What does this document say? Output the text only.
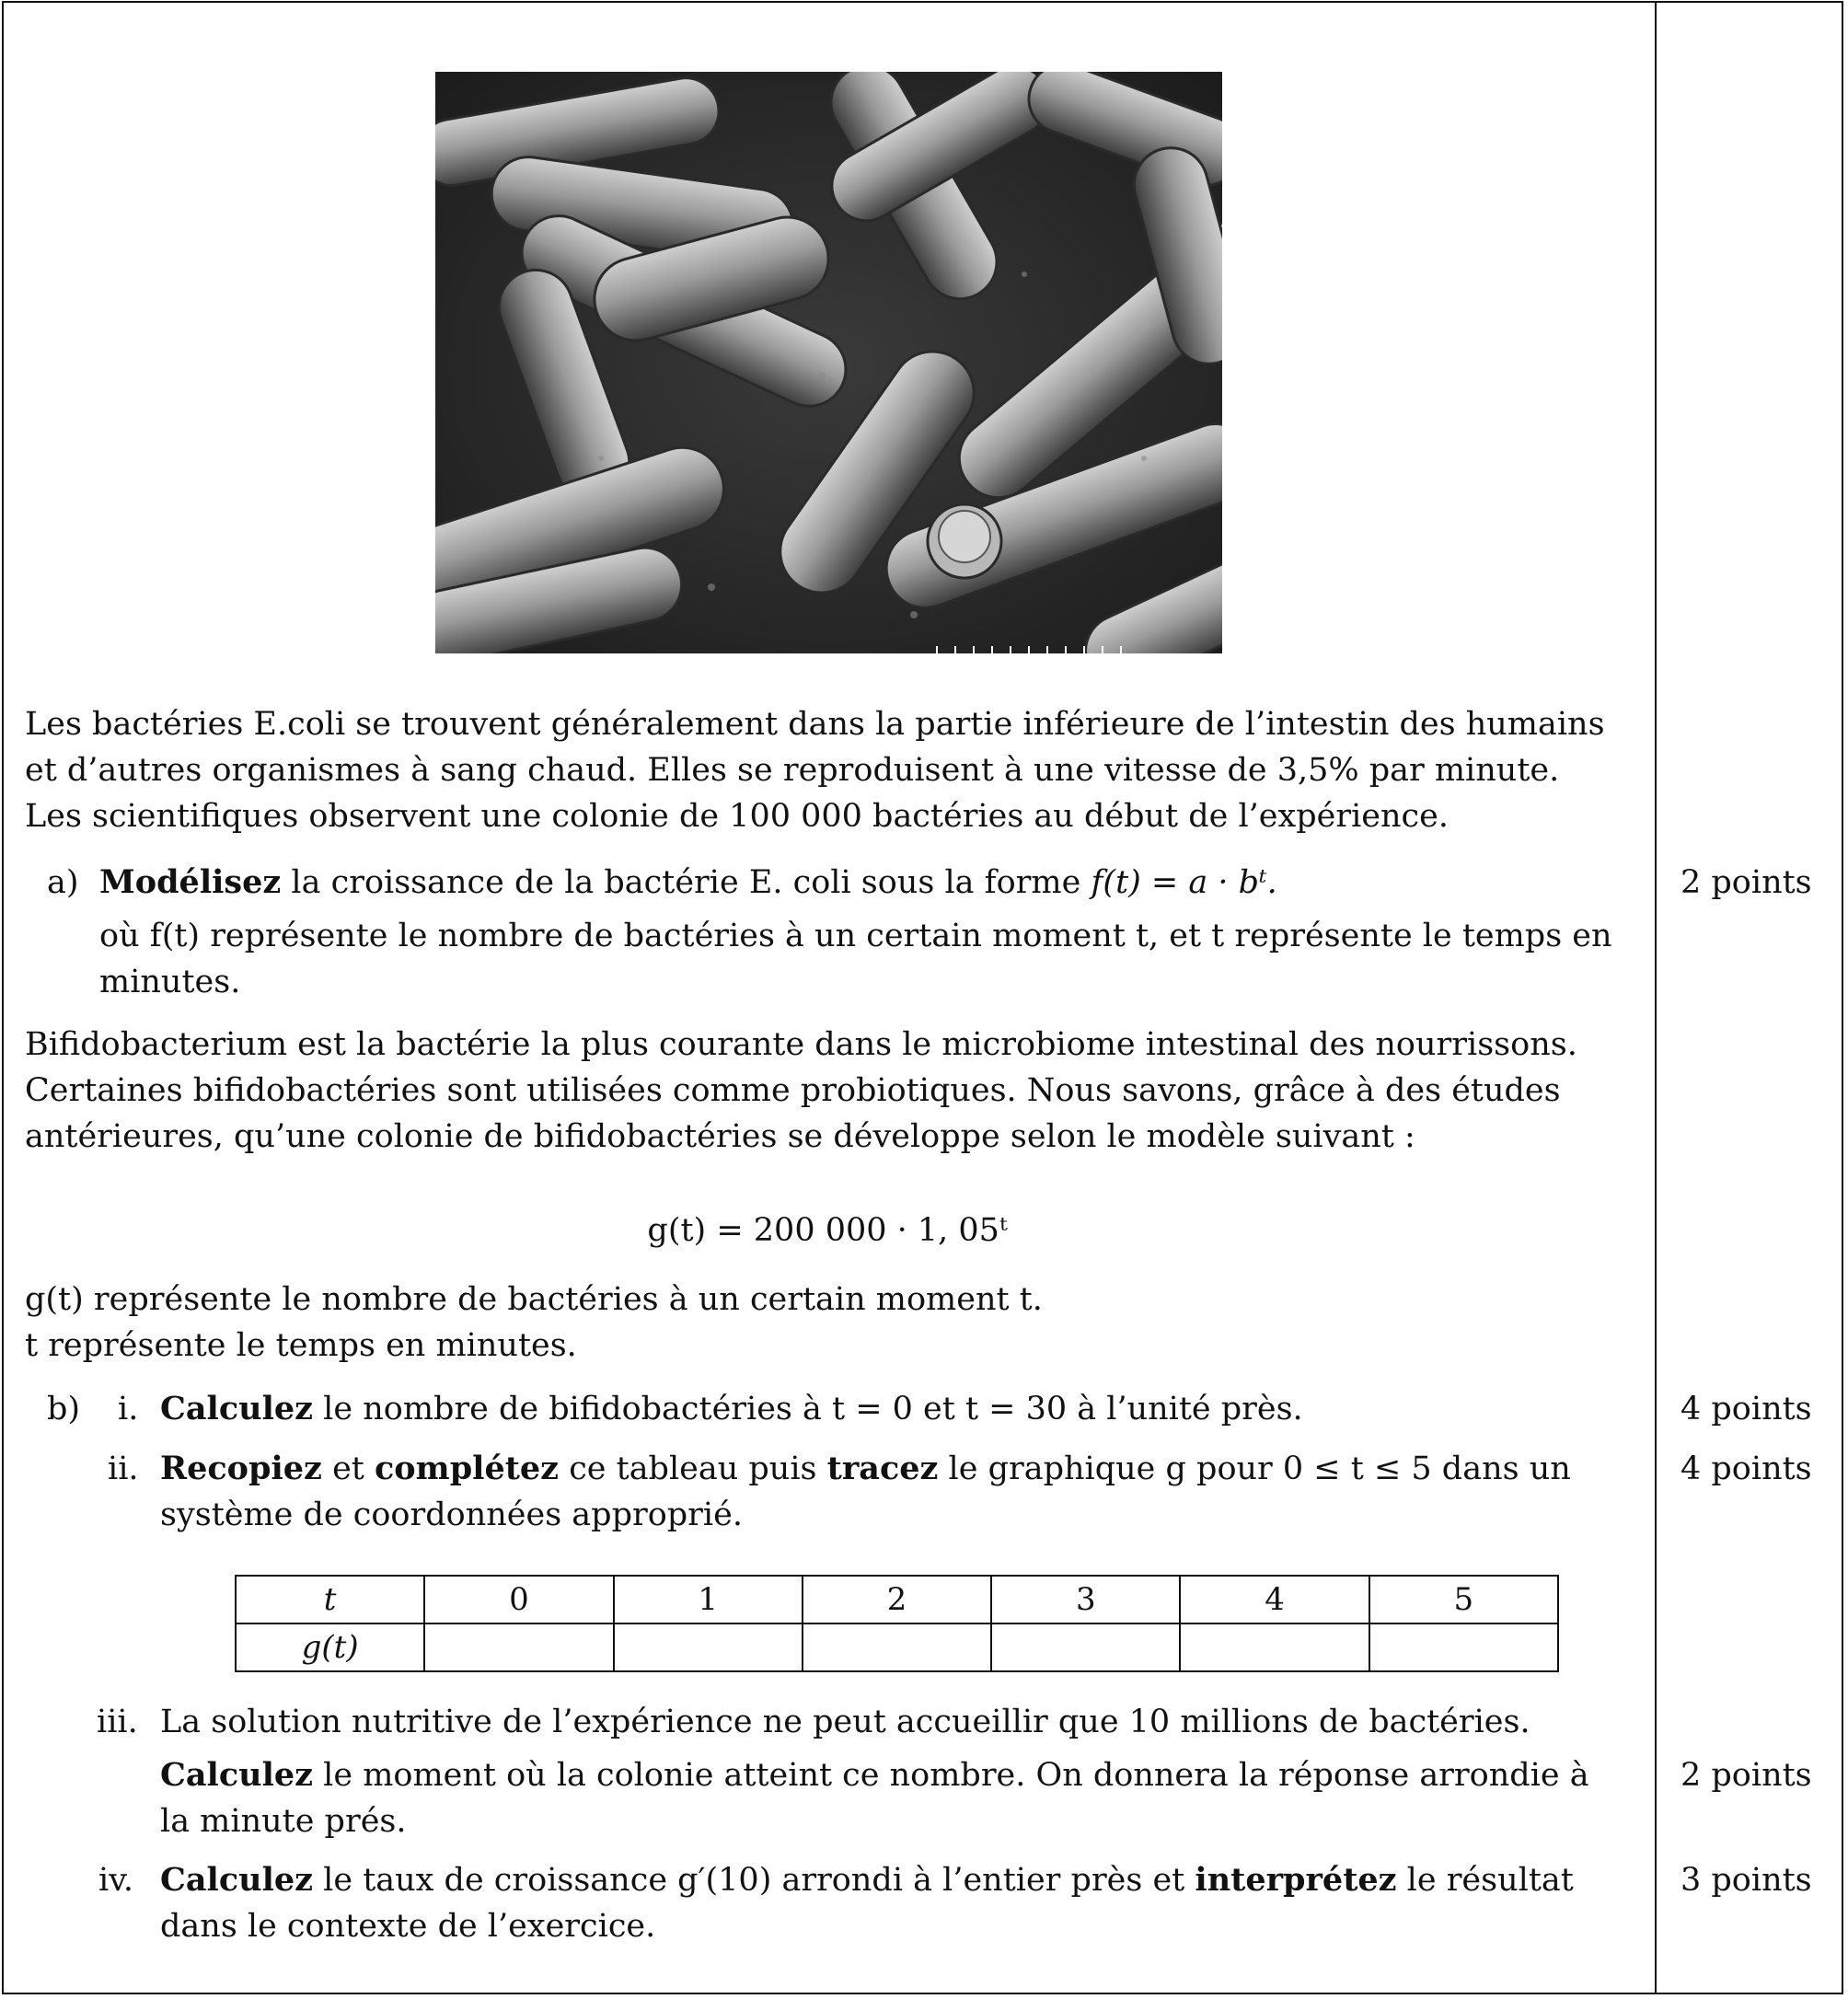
Les bactéries E.coli se trouvent généralement dans la partie inférieure de l’intestin des humains
et d’autres organismes à sang chaud. Elles se reproduisent à une vitesse de 3,5% par minute.
Les scientifiques observent une colonie de 100 000 bactéries au début de l’expérience.
a) Modélisez la croissance de la bactérie E. coli sous la forme f(t) = a · bᵗ.
où f(t) représente le nombre de bactéries à un certain moment t, et t représente le temps en
minutes.
2 points
Bifidobacterium est la bactérie la plus courante dans le microbiome intestinal des nourrissons.
Certaines bifidobactéries sont utilisées comme probiotiques. Nous savons, grâce à des études
antérieures, qu’une colonie de bifidobactéries se développe selon le modèle suivant :
g(t) = 200 000 · 1, 05ᵗ
g(t) représente le nombre de bactéries à un certain moment t.
t représente le temps en minutes.
b) i. Calculez le nombre de bifidobactéries à t = 0 et t = 30 à l’unité près.	4 points
ii. Recopiez et complétez ce tableau puis tracez le graphique g pour 0 ≤ t ≤ 5 dans un
système de coordonnées approprié.
4 points
t	0	1	2	3	4	5
g(t)						
iii. La solution nutritive de l’expérience ne peut accueillir que 10 millions de bactéries.
Calculez le moment où la colonie atteint ce nombre. On donnera la réponse arrondie à
la minute prés.
2 points
iv. Calculez le taux de croissance g′(10) arrondi à l’entier près et interprétez le résultat
dans le contexte de l’exercice.
3 points
